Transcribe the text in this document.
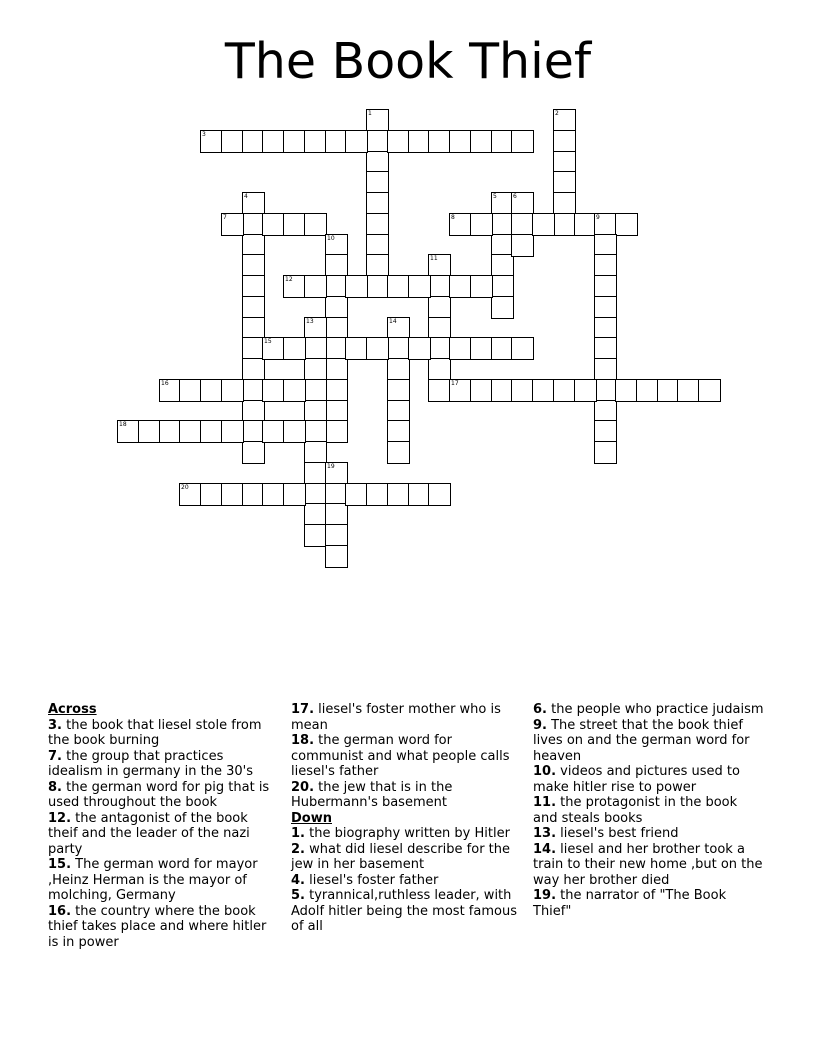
The Book Thief
1	2
3
4	5	6
7	8	9
10
11
12
13	14
15
16	17
18
19
20
Across
3. the book that liesel stole from the book burning
7. the group that practices idealism in germany in the 30's
8. the german word for pig that is used throughout the book
12. the antagonist of the book theif and the leader of the nazi party
15. The german word for mayor ,Heinz Herman is the mayor of molching, Germany
16. the country where the book thief takes place and where hitler is in power
17. liesel's foster mother who is mean
18. the german word for communist and what people calls liesel's father
20. the jew that is in the Hubermann's basement
Down
1. the biography written by Hitler
2. what did liesel describe for the jew in her basement
4. liesel's foster father
5. tyrannical,ruthless leader, with Adolf hitler being the most famous of all
6. the people who practice judaism
9. The street that the book thief lives on and the german word for heaven
10. videos and pictures used to make hitler rise to power
11. the protagonist in the book and steals books
13. liesel's best friend
14. liesel and her brother took a train to their new home ,but on the way her brother died
19. the narrator of "The Book Thief"
